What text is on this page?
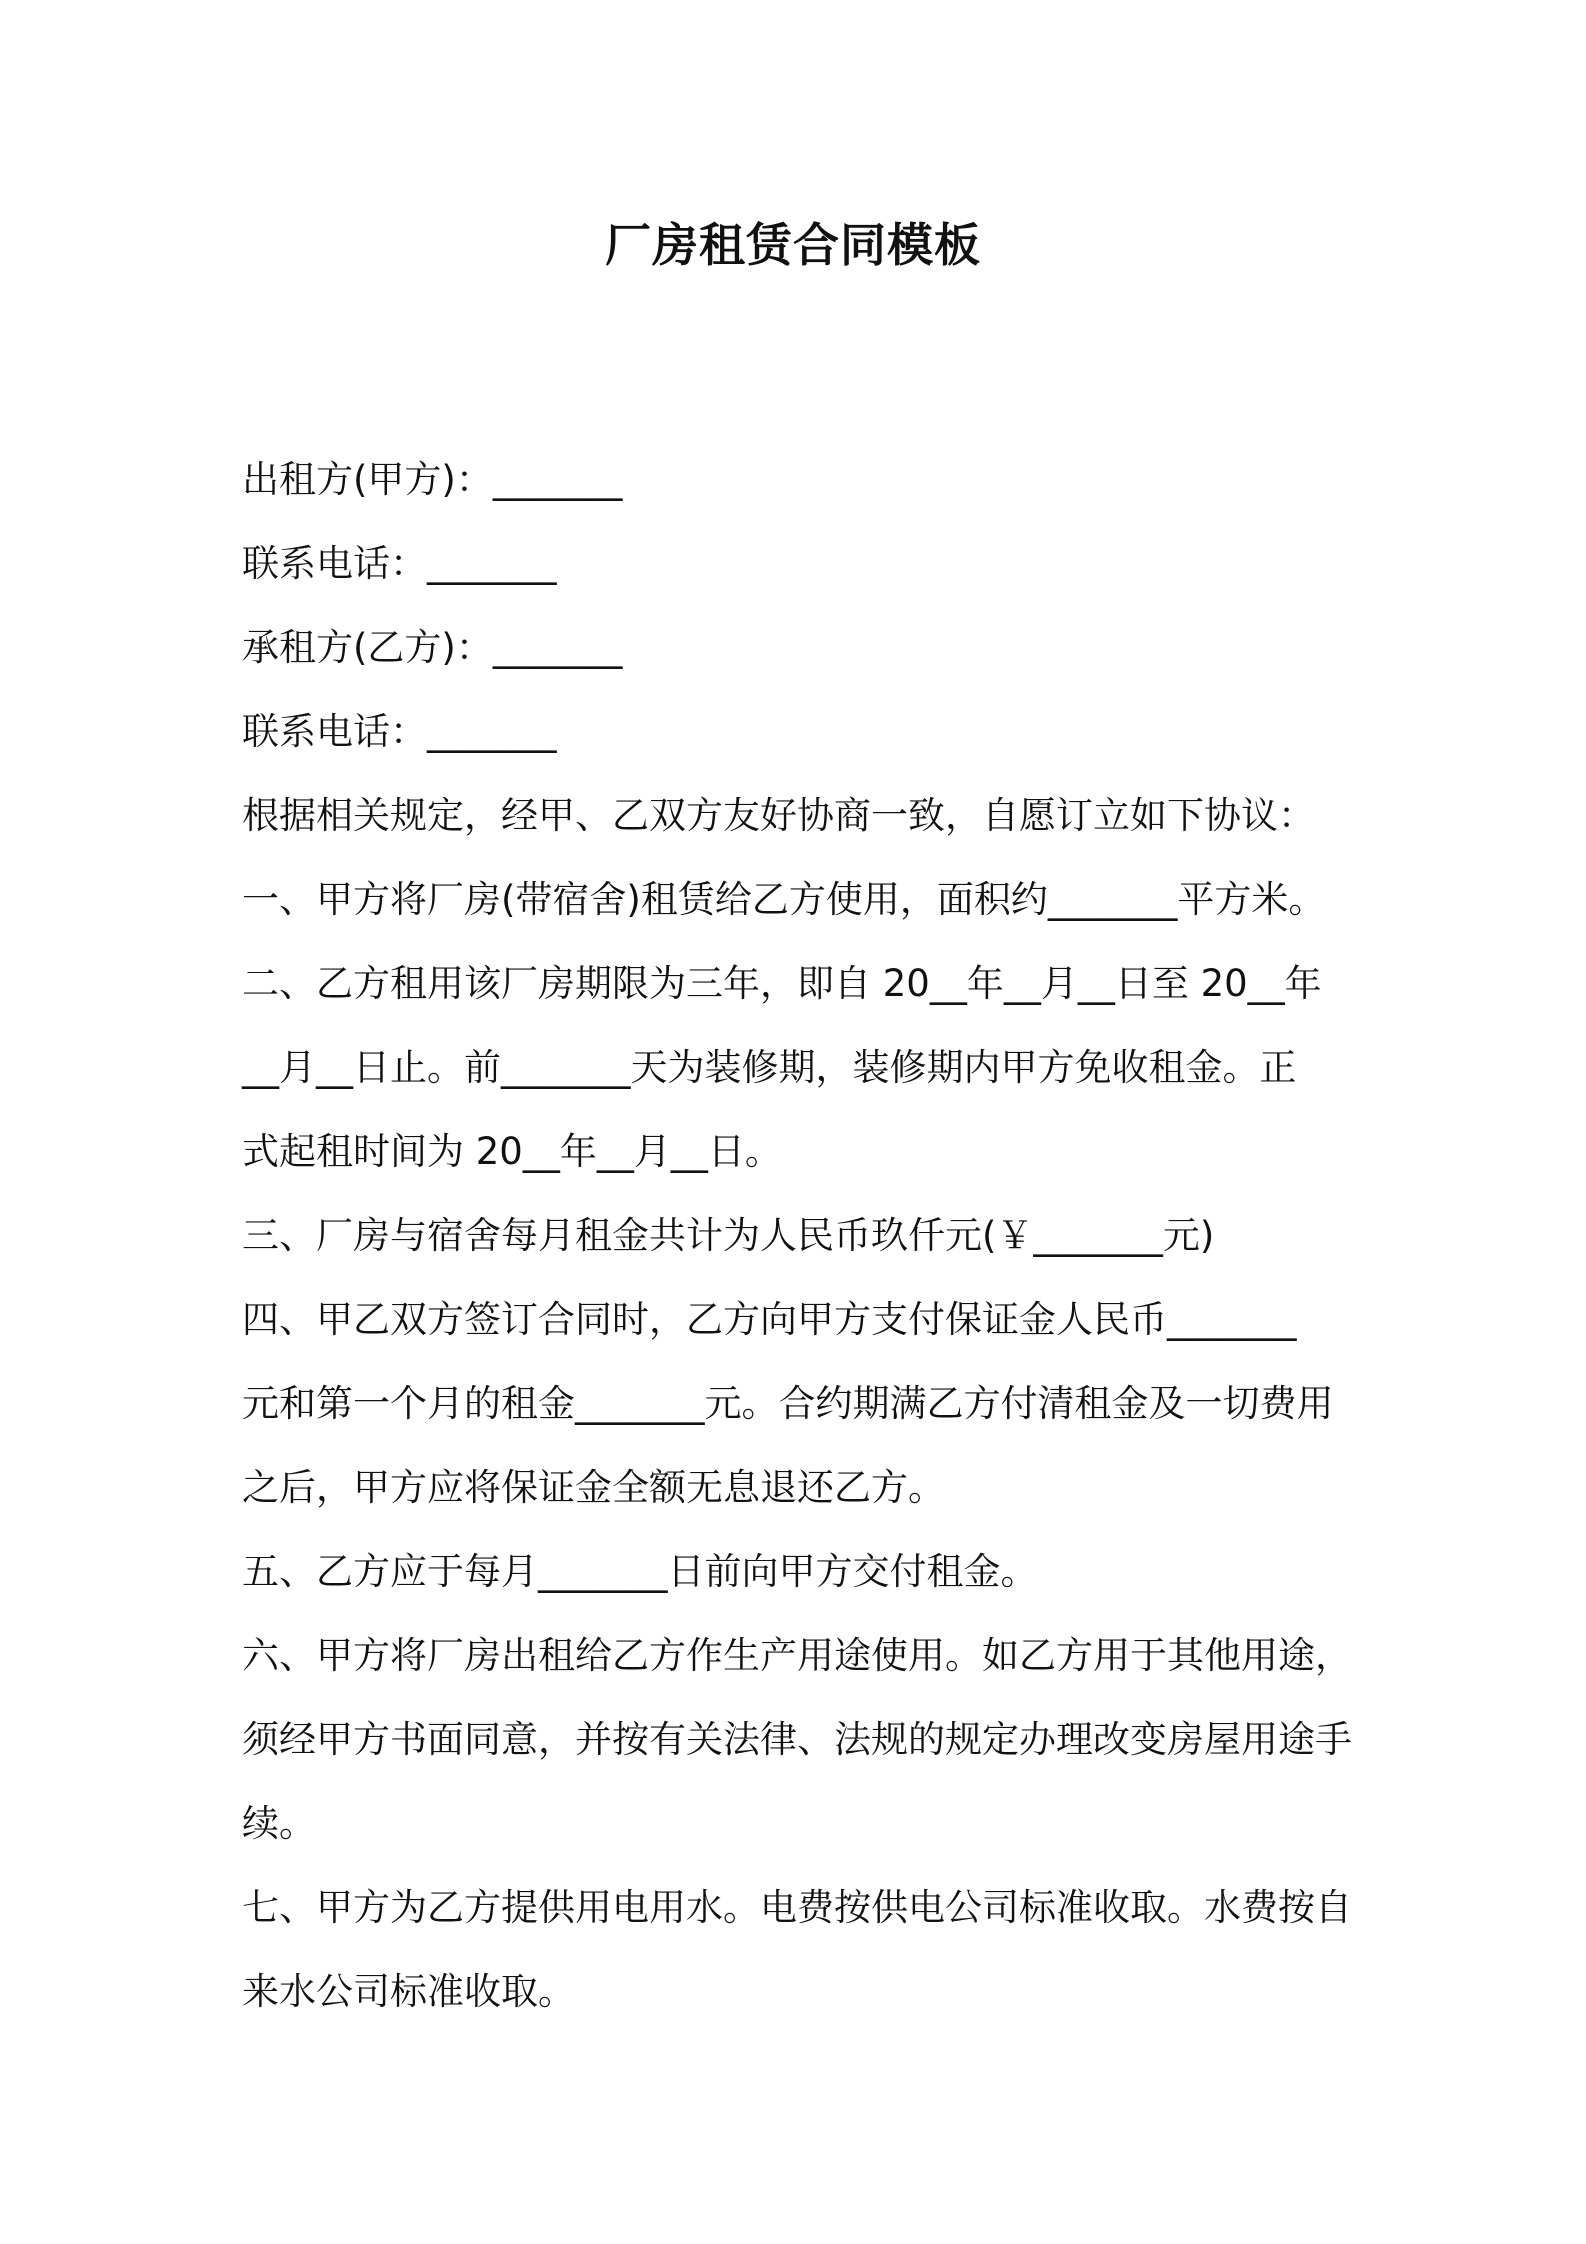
厂房租赁合同模板
出租方(甲方)：_______
联系电话：_______
承租方(乙方)：_______
联系电话：_______
根据相关规定，经甲、乙双方友好协商一致，自愿订立如下协议：
一、甲方将厂房(带宿舍)租赁给乙方使用，面积约_______平方米。
二、乙方租用该厂房期限为三年，即自 20__年__月__日至 20__年
__月__日止。前_______天为装修期，装修期内甲方免收租金。正
式起租时间为 20__年__月__日。
三、厂房与宿舍每月租金共计为人民币玖仟元(￥_______元)
四、甲乙双方签订合同时，乙方向甲方支付保证金人民币_______
元和第一个月的租金_______元。合约期满乙方付清租金及一切费用
之后，甲方应将保证金全额无息退还乙方。
五、乙方应于每月_______日前向甲方交付租金。
六、甲方将厂房出租给乙方作生产用途使用。如乙方用于其他用途，
须经甲方书面同意，并按有关法律、法规的规定办理改变房屋用途手
续。
七、甲方为乙方提供用电用水。电费按供电公司标准收取。水费按自
来水公司标准收取。
